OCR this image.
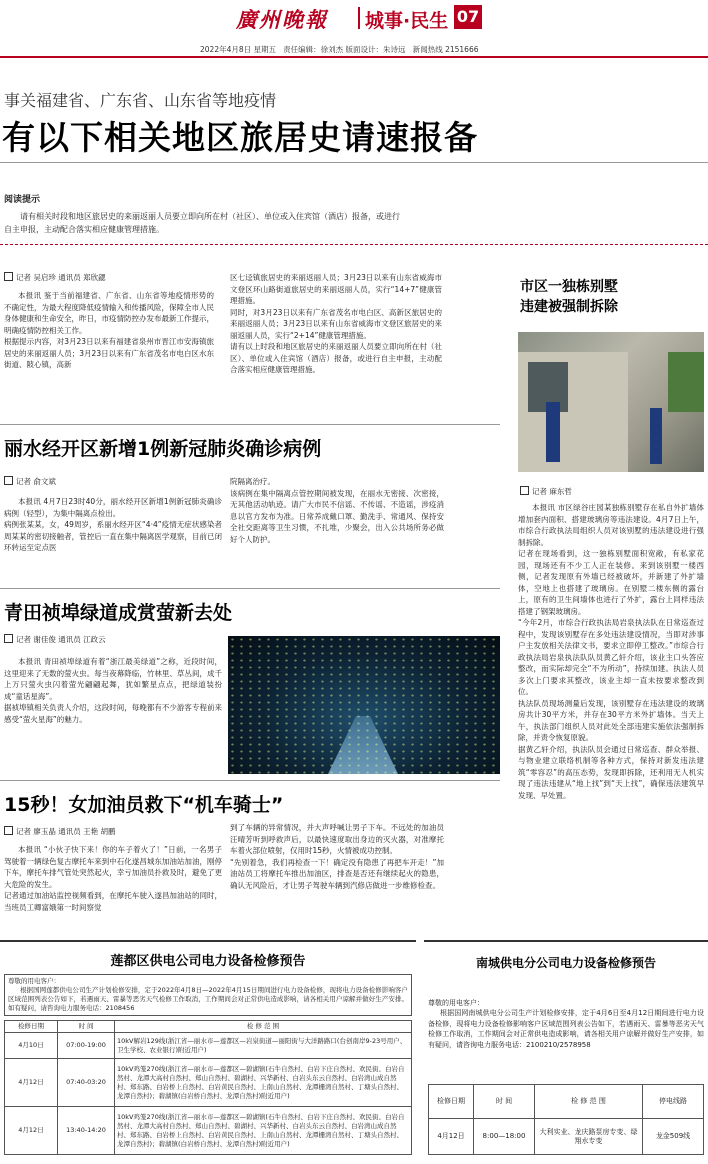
廣州晚報 城事·民生 07
2022年4月8日 星期五   责任编辑：徐刘杰 版面设计：朱诗远   新闻热线 2151666
事关福建省、广东省、山东省等地疫情
有以下相关地区旅居史请速报备
阅读提示

请有相关时段和地区旅居史的来丽返丽人员要立即向所在村（社区）、单位或入住宾馆（酒店）报备，或进行自主申报，主动配合落实相应健康管理措施。

记者 吴启珍 通讯员 郑欣勰

本报讯 鉴于当前福建省、广东省、山东省等地疫情形势的不确定性，为最大程度降低疫情输入和传播风险，保障全市人民身体健康和生命安全，昨日，市疫情防控办发布最新工作提示，明确疫情防控相关工作。
根据提示内容，对3月23日以来有福建省泉州市晋江市安海镇旅居史的来丽返丽人员；3月23日以来有广东省茂名市电白区水东街道、陂心镇，高新

区七迳镇旅居史的来丽返丽人员；3月23日以来有山东省威海市文登区环山路街道旅居史的来丽返丽人员，实行“14+7”健康管理措施。
同时，对3月23日以来有广东省茂名市电白区、高新区旅居史的来丽返丽人员；3月23日以来有山东省威海市文登区旅居史的来丽返丽人员，实行“2+14”健康管理措施。
请有以上时段和地区旅居史的来丽返丽人员要立即向所在村（社区）、单位或入住宾馆（酒店）报备，或进行自主申报，主动配合落实相应健康管理措施。

市区一独栋别墅
违建被强制拆除
记者 麻东哲

本报讯 市区绿谷庄园某独栋别墅存在私自外扩墙体增加套内面积、搭建玻璃房等违法建设。4月7日上午，市综合行政执法局组织人员对该别墅的违法建设进行强制拆除。
记者在现场看到，这一独栋别墅面积宽敞，有私家花园，现场还有不少工人正在装修。来到该别墅一楼西侧，记者发现原有外墙已经被破坏，并新建了外扩墙体，空地上也搭建了玻璃房。在别墅二楼东侧的露台上，原有的卫生间墙体也进行了外扩，露台上同样违法搭建了钢架玻璃房。
“今年2月，市综合行政执法局岩泉执法队在日常巡查过程中，发现该别墅存在多处违法建设情况，当即对涉事户主发放相关法律文书，要求立即停工整改。”市综合行政执法局岩泉执法队队员黄乙轩介绍，该业主口头答应整改，而实际却完全“不为所动”，持续加建。执法人员多次上门要求其整改，该业主却一直未按要求整改到位。
执法队员现场测量后发现，该别墅存在违法建设的玻璃房共计30平方米，并存在30平方米外扩墙体。当天上午，执法部门组织人员对此处全部违建实施依法强制拆除，并责令恢复原貌。
据黄乙轩介绍，执法队员会通过日常巡查、群众举报、与物业建立联络机制等各种方式，保持对新发违法建筑“零容忍”的高压态势，发现即拆除，还利用无人机实现了违法违建从“地上找”到“天上找”，确保违法建筑早发现、早处置。

丽水经开区新增1例新冠肺炎确诊病例
记者 俞文斌

本报讯 4月7日23时40分，丽水经开区新增1例新冠肺炎确诊病例（轻型），为集中隔离点检出。
病例张某某，女，49周岁，系丽水经开区“4·4”疫情无症状感染者周某某的密切接触者，管控后一直在集中隔离医学观察，目前已闭环转运至定点医

院隔离治疗。
该病例在集中隔离点管控期间被发现，在丽水无密接、次密接，无其他活动轨迹。请广大市民不信谣、不传谣、不造谣，涉疫消息以官方发布为准。日常养成戴口罩、勤洗手、常通风、保持安全社交距离等卫生习惯，不扎堆，少聚会，出入公共场所务必做好个人防护。

青田祯埠绿道成赏萤新去处
记者 谢佳俊 通讯员 江政云

本报讯 青田祯埠绿道有着“浙江最美绿道”之称，近段时间，这里迎来了无数的萤火虫。每当夜幕降临，竹林里、草丛间，成千上万只萤火虫闪着萤光翩翩起舞，犹如繁星点点，把绿道装扮成“童话星海”。
据祯埠镇相关负责人介绍，这段时间，每晚都有不少游客专程前来感受“萤火星海”的魅力。

15秒！女加油员救下“机车骑士”
记者 廖玉晶 通讯员 王艳 胡鹏

本报讯 “小伙子快下来！你的车子着火了！”日前，一名男子驾驶着一辆绿色复古摩托车来到中石化遂昌城东加油站加油，刚停下车，摩托车排气管处突然起火，幸亏加油员扑救及时，避免了更大危险的发生。
记者通过加油站监控视频看到，在摩托车驶入遂昌加油站的同时，当班员工卿富娥第一时间察觉

到了车辆的异常情况，并大声呼喊让男子下车。不远处的加油员汪晴芳听到呼救声后，以最快速度取出身边的灭火器，对准摩托车着火部位喷射，仅用时15秒，火情被成功控制。
“先别着急，我们再检查一下！确定没有隐患了再把车开走！”加油站员工将摩托车推出加油区，排查是否还有继续起火的隐患，确认无风险后，才让男子驾驶车辆到汽修店做进一步维修检查。

莲都区供电公司电力设备检修预告
尊敬的用电客户：
根据国网莲都供电公司生产计划检修安排，定于2022年4月8日—2022年4月15日期间进行电力设备检修，现将电力设备检修影响客户区域范围列表公告如下，若遇雨天、雷暴等恶劣天气检修工作取消，工作期间会对正常供电造成影响，请各相关用户谅解并做好生产安排。如有疑问，请咨询电力服务电话：2108456
检修日期	时 间	检 修 范 围
4月10日	07:00-19:00	10kV解岩129线(浙江省—丽水市—莲都区—岩泉街道—丽阳街与大洋路路口(台创南岸9-23号用户、卫生学校、农业银行)附近用户)
4月12日	07:40-03:20	10kV鸡笼270线(浙江省—丽水市—莲都区—碧湖镇(石牛自然村、白岩下庄自然村、欢民街、白岩自然村、龙潭大高村自然村、郑山自然村、碧湖村、兴华新村、白岩头东云自然村、白岩湾山成自然村、郑东路、白岩桥上自然村、白岩黄民自然村、上南山自然村、龙潭栅湾自然村、丁塘头自然村、龙潭自然村)；碧湖镇(白岩桥自然村、龙潭自然村)附近用户)
4月12日	13:40-14:20	10kV鸡笼270线(浙江省—丽水市—莲都区—碧湖镇(石牛自然村、白岩下庄自然村、欢民街、白岩自然村、龙潭大高村自然村、郑山自然村、碧湖村、兴华新村、白岩头东云自然村、白岩湾山成自然村、郑东路、白岩桥上自然村、白岩黄民自然村、上南山自然村、龙潭栅湾自然村、丁塘头自然村、龙潭自然村)；碧湖镇(白岩桥自然村、龙潭自然村)附近用户)
南城供电分公司电力设备检修预告
尊敬的用电客户：
根据国网南城供电分公司生产计划检修安排，定于4月6日至4月12日期间进行电力设备检修，现将电力设备检修影响客户区域范围列表公告如下，若遇雨天、雷暴等恶劣天气检修工作取消，工作期间会对正常供电造成影响，请各相关用户谅解并做好生产安排，如有疑问，请咨询电力服务电话：2100210/2578958
检修日期	时 间	检 修 范 围	停电线路
4月12日	8:00—18:00	大利实业、龙庆路泵房专变、绿翔水专变	龙金509线
